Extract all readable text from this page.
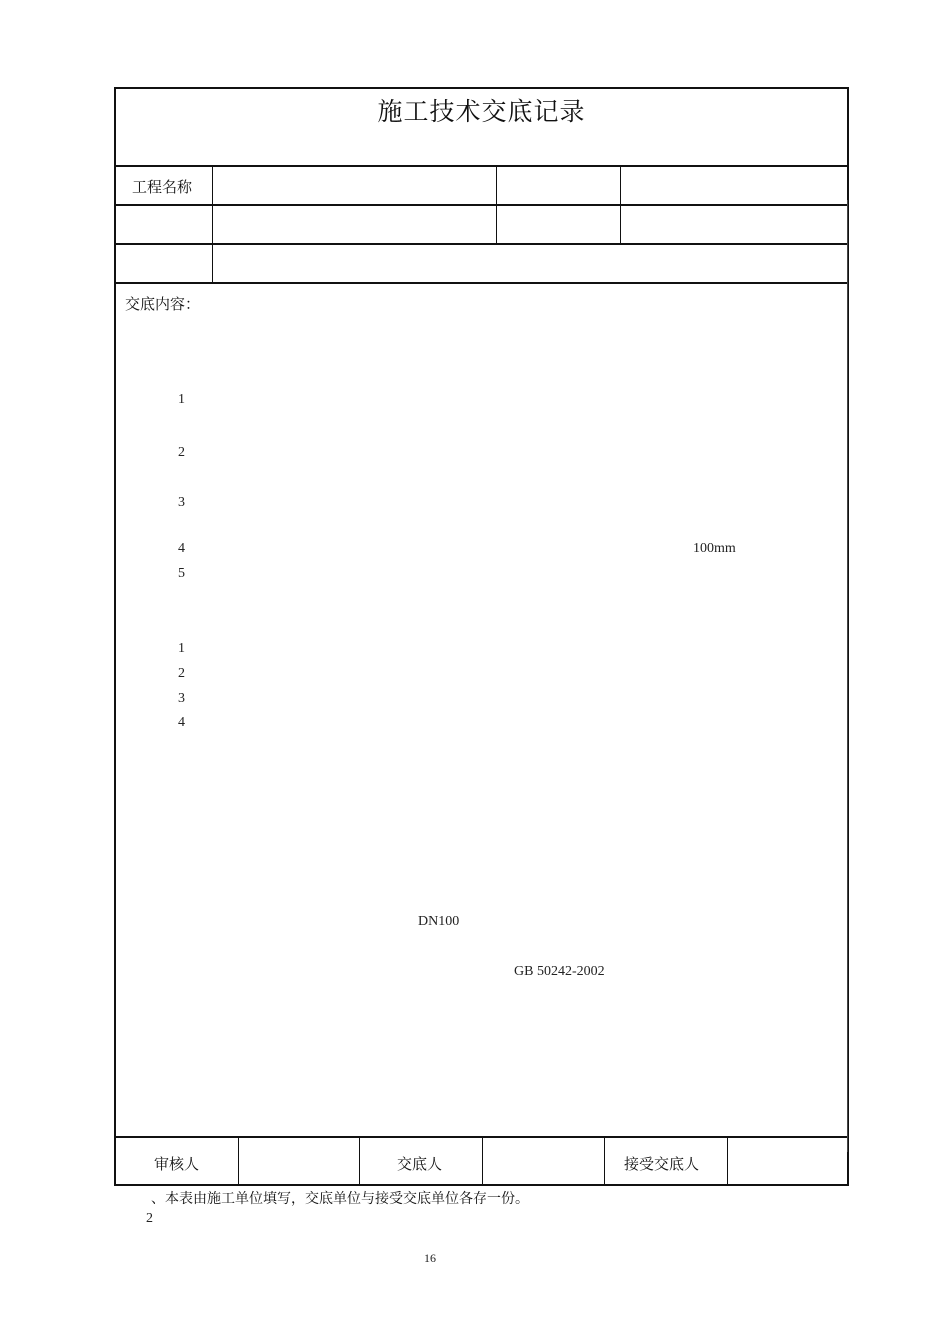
施工技术交底记录
工程名称
交底内容：

1
2　
3　
4	100mm
5
1
2
3
4
DN100
GB 50242-2002
审核人	交底人	接受交底人
、本表由施工单位填写，交底单位与接受交底单位各存一份。
2
16
